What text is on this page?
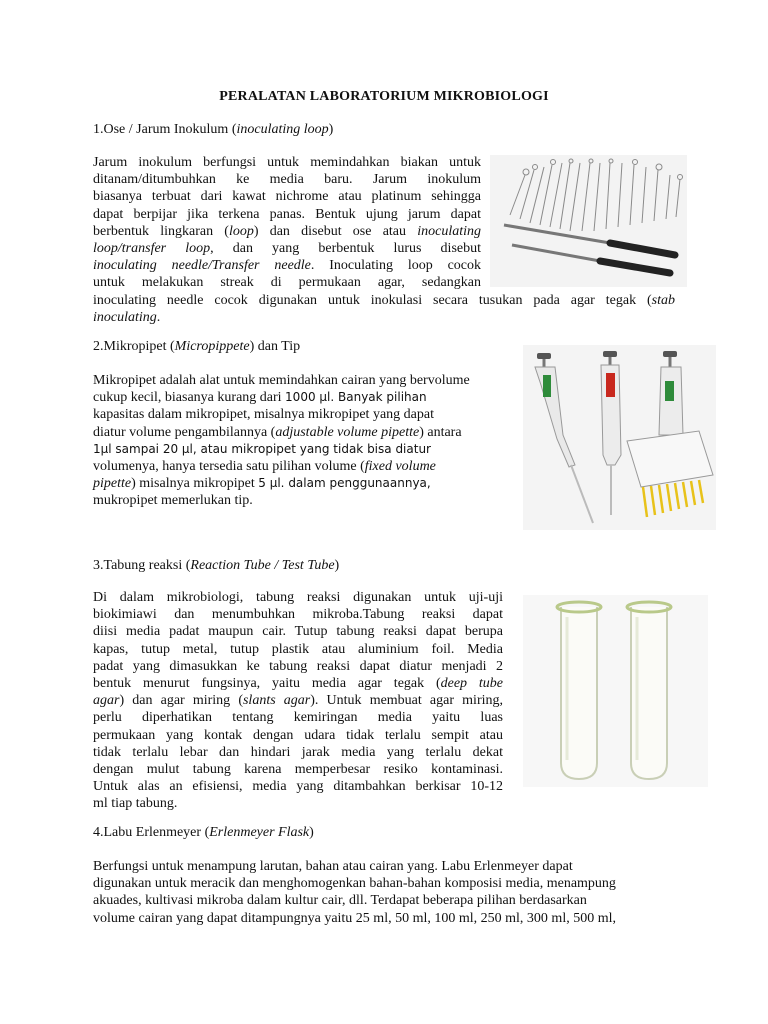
PERALATAN LABORATORIUM MIKROBIOLOGI
1.Ose / Jarum Inokulum (inoculating loop)
Jarum inokulum berfungsi untuk memindahkan biakan untuk
ditanam/ditumbuhkan ke media baru. Jarum inokulum
biasanya terbuat dari kawat nichrome atau platinum sehingga
dapat berpijar jika terkena panas. Bentuk ujung jarum dapat
berbentuk lingkaran (loop) dan disebut ose atau inoculating
loop/transfer loop, dan yang berbentuk lurus disebut
inoculating needle/Transfer needle. Inoculating loop cocok
untuk melakukan streak di permukaan agar, sedangkan
inoculating needle cocok digunakan untuk inokulasi secara tusukan pada agar tegak (stab
inoculating.
2.Mikropipet (Micropippete) dan Tip
Mikropipet adalah alat untuk memindahkan cairan yang bervolume
cukup kecil, biasanya kurang dari 1000 µl. Banyak pilihan
kapasitas dalam mikropipet, misalnya mikropipet yang dapat
diatur volume pengambilannya (adjustable volume pipette) antara
1µl sampai 20 µl, atau mikropipet yang tidak bisa diatur
volumenya, hanya tersedia satu pilihan volume (fixed volume
pipette) misalnya mikropipet 5 µl. dalam penggunaannya,
mukropipet memerlukan tip.
3.Tabung reaksi (Reaction Tube / Test Tube)
Di dalam mikrobiologi, tabung reaksi digunakan untuk uji-uji
biokimiawi dan menumbuhkan mikroba.Tabung reaksi dapat
diisi media padat maupun cair. Tutup tabung reaksi dapat berupa
kapas, tutup metal, tutup plastik atau aluminium foil. Media
padat yang dimasukkan ke tabung reaksi dapat diatur menjadi 2
bentuk menurut fungsinya, yaitu media agar tegak (deep tube
agar) dan agar miring (slants agar). Untuk membuat agar miring,
perlu diperhatikan tentang kemiringan media yaitu luas
permukaan yang kontak dengan udara tidak terlalu sempit atau
tidak terlalu lebar dan hindari jarak media yang terlalu dekat
dengan mulut tabung karena memperbesar resiko kontaminasi.
Untuk alas an efisiensi, media yang ditambahkan berkisar 10-12
ml tiap tabung.
4.Labu Erlenmeyer (Erlenmeyer Flask)
Berfungsi untuk menampung larutan, bahan atau cairan yang. Labu Erlenmeyer dapat
digunakan untuk meracik dan menghomogenkan bahan-bahan komposisi media, menampung
akuades, kultivasi mikroba dalam kultur cair, dll. Terdapat beberapa pilihan berdasarkan
volume cairan yang dapat ditampungnya yaitu 25 ml, 50 ml, 100 ml, 250 ml, 300 ml, 500 ml,
